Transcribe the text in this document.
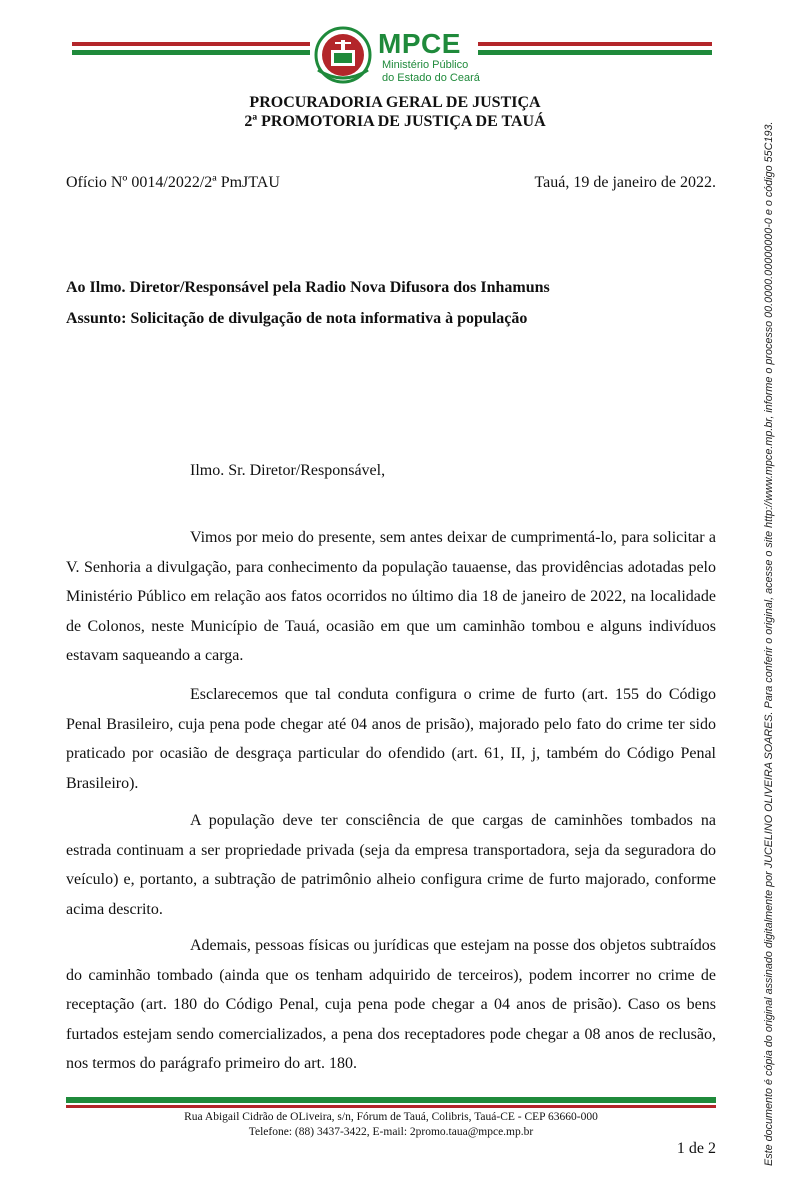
MPCE
Ministério Público
do Estado do Ceará
PROCURADORIA GERAL DE JUSTIÇA
2ª PROMOTORIA DE JUSTIÇA DE TAUÁ
Ofício Nº 0014/2022/2ª PmJTAU	Tauá, 19 de janeiro de 2022.
Ao Ilmo. Diretor/Responsável pela Radio Nova Difusora dos Inhamuns
Assunto: Solicitação de divulgação de nota informativa à população
Ilmo. Sr. Diretor/Responsável,
Vimos por meio do presente, sem antes deixar de cumprimentá-lo, para solicitar a V. Senhoria a divulgação, para conhecimento da população tauaense, das providências adotadas pelo Ministério Público em relação aos fatos ocorridos no último dia 18 de janeiro de 2022, na localidade de Colonos, neste Município de Tauá, ocasião em que um caminhão tombou e alguns indivíduos estavam saqueando a carga.
Esclarecemos que tal conduta configura o crime de furto (art. 155 do Código Penal Brasileiro, cuja pena pode chegar até 04 anos de prisão), majorado pelo fato do crime ter sido praticado por ocasião de desgraça particular do ofendido (art. 61, II, j, também do Código Penal Brasileiro).
A população deve ter consciência de que cargas de caminhões tombados na estrada continuam a ser propriedade privada (seja da empresa transportadora, seja da seguradora do veículo) e, portanto, a subtração de patrimônio alheio configura crime de furto majorado, conforme acima descrito.
Ademais, pessoas físicas ou jurídicas que estejam na posse dos objetos subtraídos do caminhão tombado (ainda que os tenham adquirido de terceiros), podem incorrer no crime de receptação (art. 180 do Código Penal, cuja pena pode chegar a 04 anos de prisão). Caso os bens furtados estejam sendo comercializados, a pena dos receptadores pode chegar a 08 anos de reclusão, nos termos do parágrafo primeiro do art. 180.
Rua Abigail Cidrão de OLiveira, s/n, Fórum de Tauá, Colibris, Tauá-CE - CEP 63660-000
Telefone: (88) 3437-3422, E-mail: 2promo.taua@mpce.mp.br
1 de 2	Este documento é cópia do original assinado digitalmente por JUCELINO OLIVEIRA SOARES. Para conferir o original, acesse o site http://www.mpce.mp.br, informe o processo 00.0000.00000000-0 e o código 55C193.
